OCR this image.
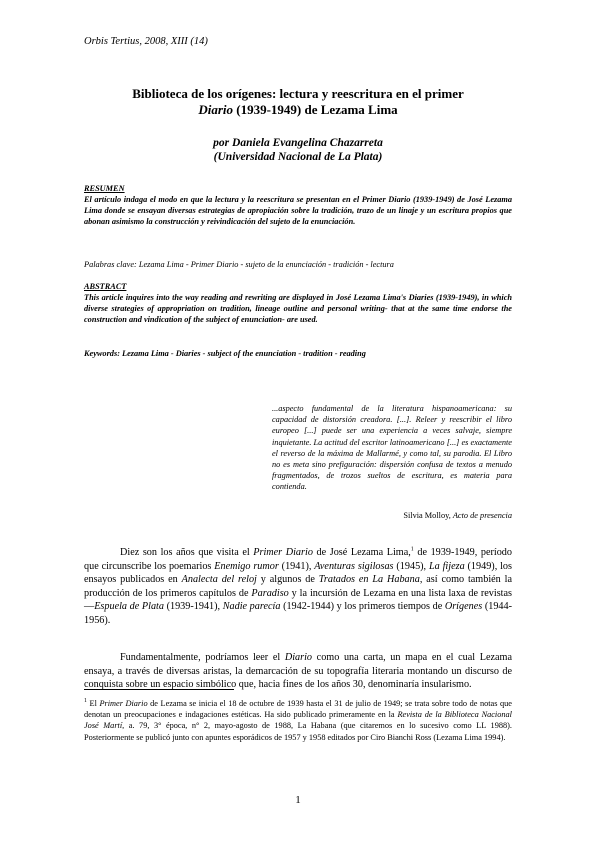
Orbis Tertius, 2008, XIII (14)
Biblioteca de los orígenes: lectura y reescritura en el primer
Diario (1939-1949) de Lezama Lima
por Daniela Evangelina Chazarreta
(Universidad Nacional de La Plata)
RESUMEN
El artículo indaga el modo en que la lectura y la reescritura se presentan en el Primer Diario (1939-1949) de José Lezama Lima donde se ensayan diversas estrategias de apropiación sobre la tradición, trazo de un linaje y un escritura propios que abonan asimismo la construcción y reivindicación del sujeto de la enunciación.
Palabras clave: Lezama Lima - Primer Diario - sujeto de la enunciación - tradición - lectura
ABSTRACT
This article inquires into the way reading and rewriting are displayed in José Lezama Lima's Diaries (1939-1949), in which diverse strategies of appropriation on tradition, lineage outline and personal writing- that at the same time endorse the construction and vindication of the subject of enunciation- are used.
Keywords: Lezama Lima - Diaries - subject of the enunciation - tradition - reading
...aspecto fundamental de la literatura hispanoamericana: su capacidad de distorsión creadora. [...]. Releer y reescribir el libro europeo [...] puede ser una experiencia a veces salvaje, siempre inquietante. La actitud del escritor latinoamericano [...] es exactamente el reverso de la máxima de Mallarmé, y como tal, su parodia. El Libro no es meta sino prefiguración: dispersión confusa de textos a menudo fragmentados, de trozos sueltos de escritura, es materia para contienda.
Silvia Molloy, Acto de presencia
Diez son los años que visita el Primer Diario de José Lezama Lima,$^1$ de 1939-1949, período que circunscribe los poemarios Enemigo rumor (1941), Aventuras sigilosas (1945), La fijeza (1949), los ensayos publicados en Analecta del reloj y algunos de Tratados en La Habana, así como también la producción de los primeros capítulos de Paradiso y la incursión de Lezama en una lista laxa de revistas —Espuela de Plata (1939-1941), Nadie parecía (1942-1944) y los primeros tiempos de Orígenes (1944-1956).
Fundamentalmente, podríamos leer el Diario como una carta, un mapa en el cual Lezama ensaya, a través de diversas aristas, la demarcación de su topografía literaria montando un discurso de conquista sobre un espacio simbólico que, hacia fines de los años 30, denominaría insularismo.
$^1$ El Primer Diario de Lezama se inicia el 18 de octubre de 1939 hasta el 31 de julio de 1949; se trata sobre todo de notas que denotan un preocupaciones e indagaciones estéticas. Ha sido publicado primeramente en la Revista de la Biblioteca Nacional José Martí, a. 79, 3° época, n° 2, mayo-agosto de 1988, La Habana (que citaremos en lo sucesivo como LL 1988). Posteriormente se publicó junto con apuntes esporádicos de 1957 y 1958 editados por Ciro Bianchi Ross (Lezama Lima 1994).
1
